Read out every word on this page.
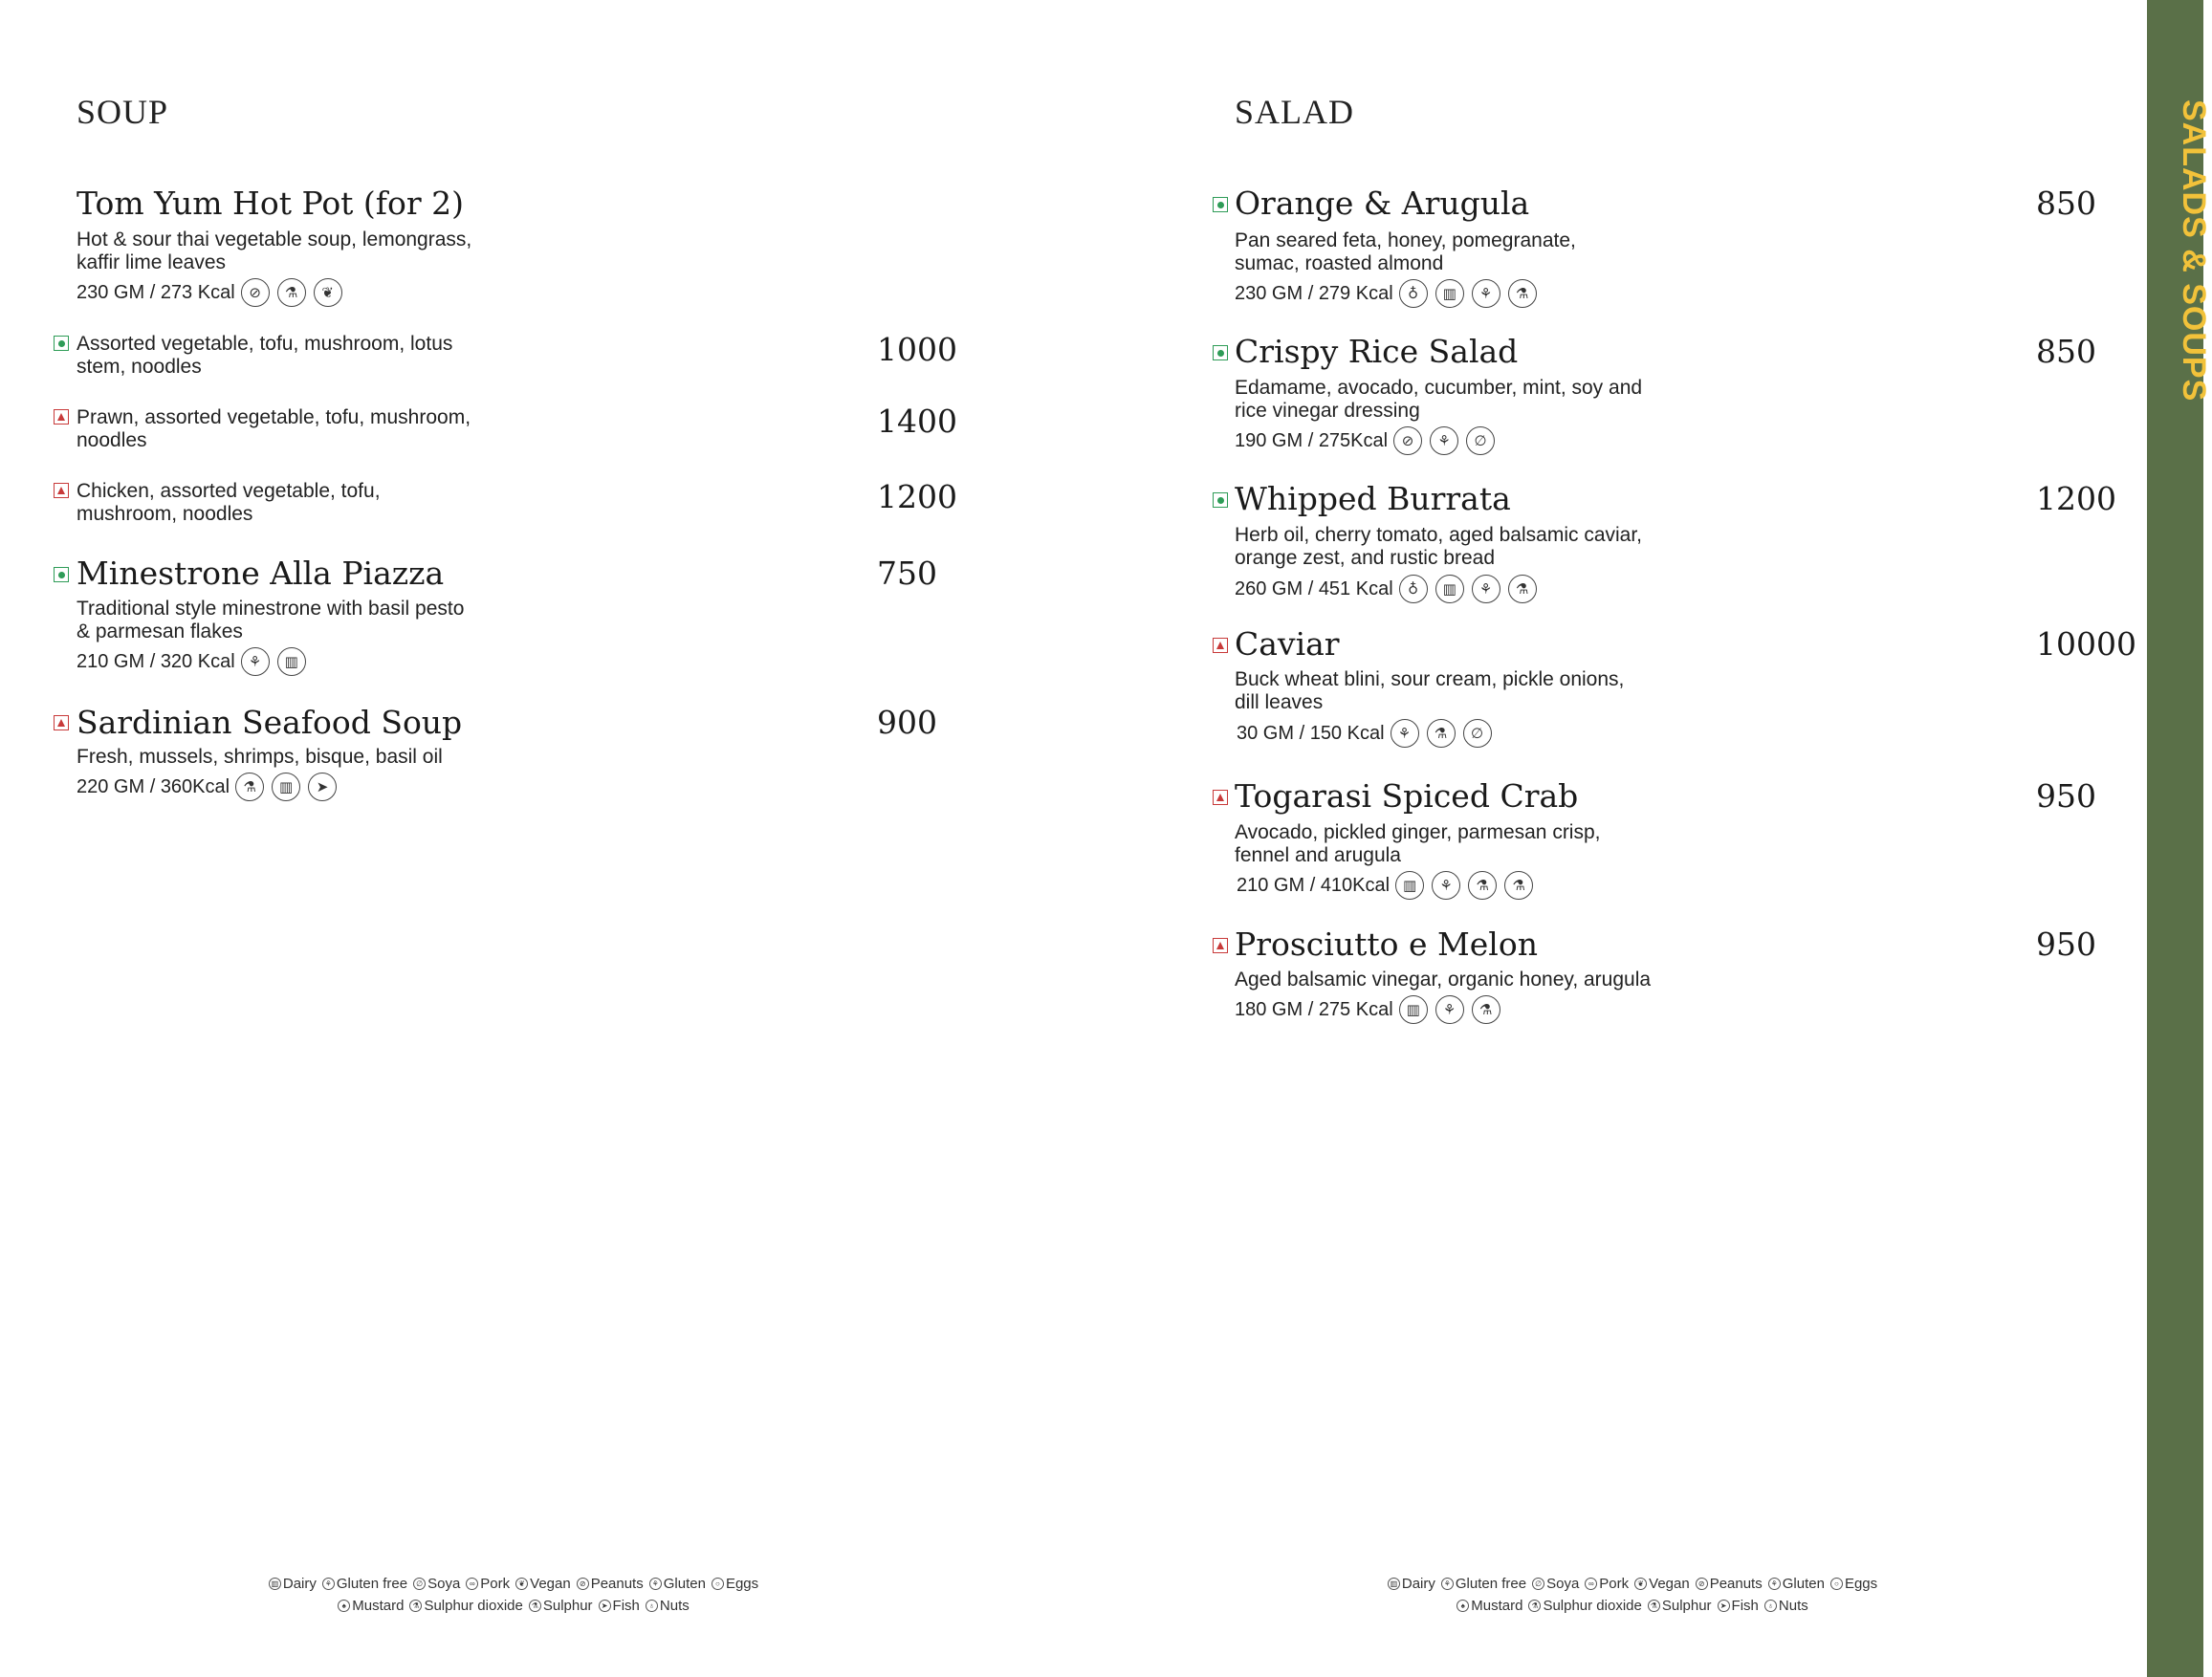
SALADS & SOUPS
SOUP
Tom Yum Hot Pot (for 2)
Hot & sour thai vegetable soup, lemongrass,
kaffir lime leaves
230 GM / 273 Kcal ⊘	⚗	❦
Assorted vegetable, tofu, mushroom, lotus
stem, noodles	1000
Prawn, assorted vegetable, tofu, mushroom,
noodles
1400
Chicken, assorted vegetable, tofu,
mushroom, noodles	1200
Minestrone Alla Piazza	750
Traditional style minestrone with basil pesto
& parmesan flakes
210 GM / 320 Kcal ⚘	▥
Sardinian Seafood Soup	900
Fresh, mussels, shrimps, bisque, basil oil
220 GM / 360Kcal ⚗	▥	➤
SALAD
Orange & Arugula	850
Pan seared feta, honey, pomegranate,
sumac, roasted almond
230 GM / 279 Kcal	♁	▥	⚘	⚗
Crispy Rice Salad	850
Edamame, avocado, cucumber, mint, soy and
rice vinegar dressing
190 GM / 275Kcal ⊘	⚘	∅
Whipped Burrata	1200
Herb oil, cherry tomato, aged balsamic caviar,
orange zest, and rustic bread
260 GM / 451 Kcal	♁	▥	⚘	⚗
Caviar	10000
Buck wheat blini, sour cream, pickle onions,
dill leaves
30 GM / 150 Kcal ⚘	⚗	∅
Togarasi Spiced Crab	950
Avocado, pickled ginger, parmesan crisp,
fennel and arugula
210 GM / 410Kcal ▥	⚘	⚗	⚗
Prosciutto e Melon	950
Aged balsamic vinegar, organic honey, arugula
180 GM / 275 Kcal ▥	⚘	⚗
▥ Dairy	⚘ Gluten free	∅ Soya	∞ Pork	❦ Vegan	⊘ Peanuts	⚘ Gluten	○ Eggs
♠ Mustard	⚗ Sulphur dioxide	⚗ Sulphur	➤ Fish	♁ Nuts
▥ Dairy	⚘ Gluten free	∅ Soya	∞ Pork	❦ Vegan	⊘ Peanuts	⚘ Gluten	○ Eggs
♠ Mustard	⚗ Sulphur dioxide	⚗ Sulphur	➤ Fish	♁ Nuts
